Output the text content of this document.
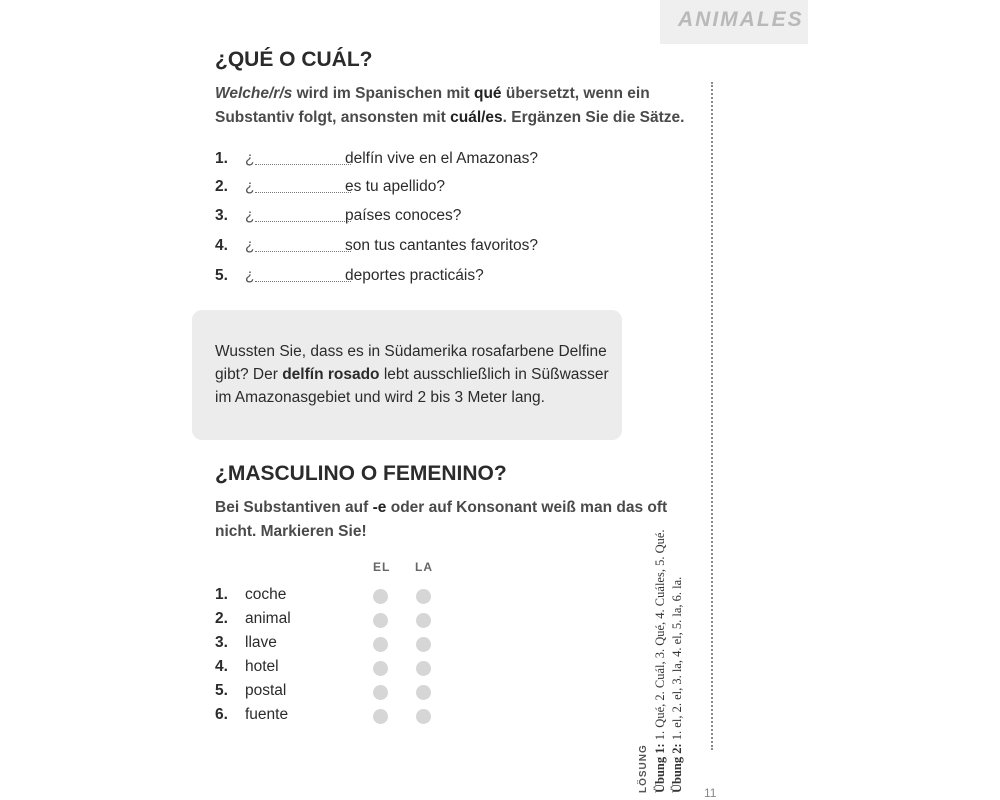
ANIMALES
¿QUÉ O CUÁL?
Welche/r/s wird im Spanischen mit qué übersetzt, wenn ein Substantiv folgt, ansonsten mit cuál/es. Ergänzen Sie die Sätze.
1.	¿	delfín vive en el Amazonas?
2.	¿	es tu apellido?
3.	¿	países conoces?
4.	¿	son tus cantantes favoritos?
5.	¿	deportes practicáis?
Wussten Sie, dass es in Südamerika rosafarbene Delfine gibt? Der delfín rosado lebt ausschließlich in Süßwasser im Amazonasgebiet und wird 2 bis 3 Meter lang.
¿MASCULINO O FEMENINO?
Bei Substantiven auf -e oder auf Konsonant weiß man das oft nicht. Markieren Sie!
EL LA
1. coche
2. animal
3. llave
4. hotel
5. postal
6. fuente
LÖSUNG Übung 1: 1. Qué, 2. Cuál, 3. Qué, 4. Cuáles, 5. Qué.
Übung 2: 1. el, 2. el, 3. la, 4. el, 5. la, 6. la.
11
